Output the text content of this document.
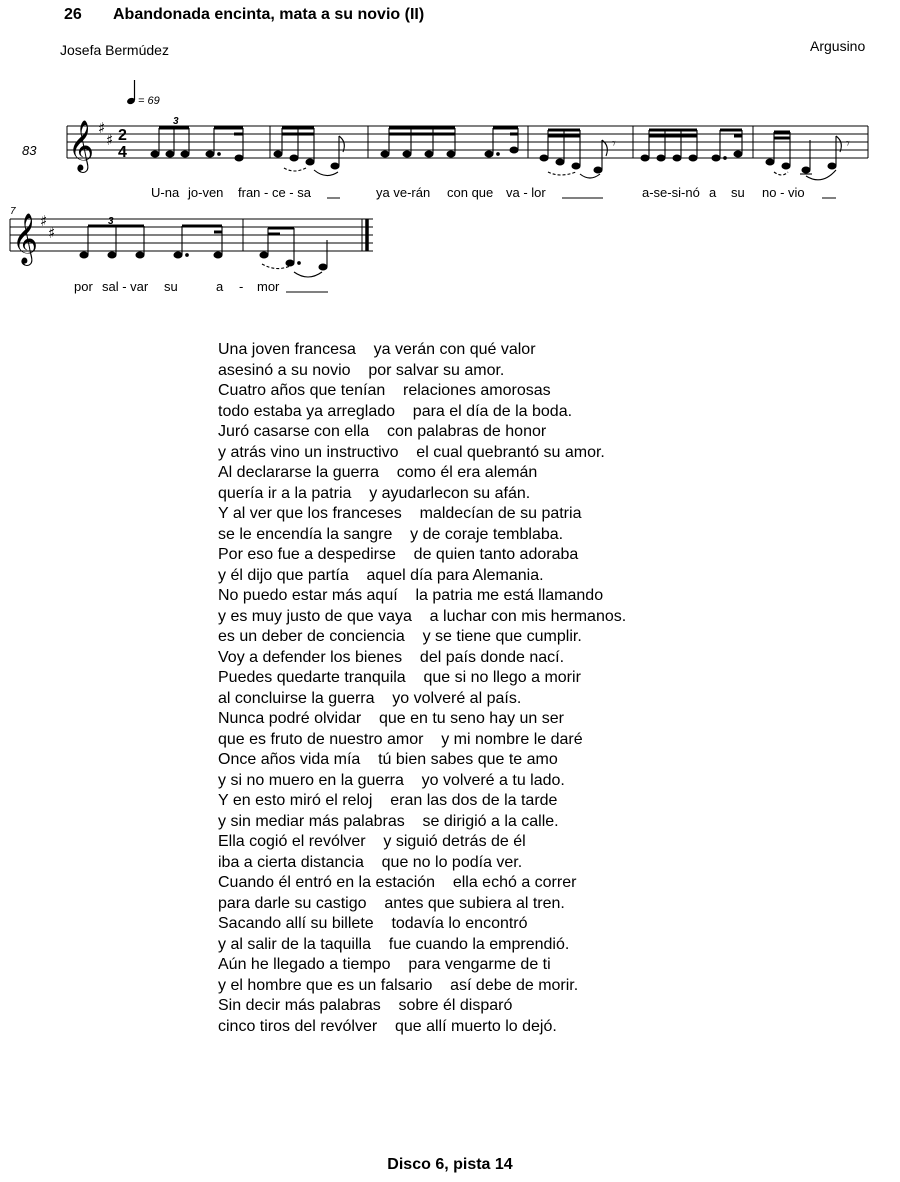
26 Abandonada encinta, mata a su novio (II)
Josefa Bermúdez	Argusino
= 69
83 𝄞 ♯
♯ 2
4
3
𝄾	𝄾
U-na jo-ven fran - ce - sa	ya ve-rán con que va - lor	a-se-si-nó a su no - vio
7
𝄞 ♯
♯
3
por sal - var su	a - mor
Una joven francesa    ya verán con qué valor
asesinó a su novio    por salvar su amor.
Cuatro años que tenían    relaciones amorosas
todo estaba ya arreglado    para el día de la boda.
Juró casarse con ella    con palabras de honor
y atrás vino un instructivo    el cual quebrantó su amor.
Al declararse la guerra    como él era alemán
quería ir a la patria    y ayudarlecon su afán.
Y al ver que los franceses    maldecían de su patria
se le encendía la sangre    y de coraje temblaba.
Por eso fue a despedirse    de quien tanto adoraba
y él dijo que partía    aquel día para Alemania.
No puedo estar más aquí    la patria me está llamando
y es muy justo de que vaya    a luchar con mis hermanos.
es un deber de conciencia    y se tiene que cumplir.
Voy a defender los bienes    del país donde nací.
Puedes quedarte tranquila    que si no llego a morir
al concluirse la guerra    yo volveré al país.
Nunca podré olvidar    que en tu seno hay un ser
que es fruto de nuestro amor    y mi nombre le daré
Once años vida mía    tú bien sabes que te amo
y si no muero en la guerra    yo volveré a tu lado.
Y en esto miró el reloj    eran las dos de la tarde
y sin mediar más palabras    se dirigió a la calle.
Ella cogió el revólver    y siguió detrás de él
iba a cierta distancia    que no lo podía ver.
Cuando él entró en la estación    ella echó a correr
para darle su castigo    antes que subiera al tren.
Sacando allí su billete    todavía lo encontró
y al salir de la taquilla    fue cuando la emprendió.
Aún he llegado a tiempo    para vengarme de ti
y el hombre que es un falsario    así debe de morir.
Sin decir más palabras    sobre él disparó
cinco tiros del revólver    que allí muerto lo dejó.
Disco 6, pista 14
